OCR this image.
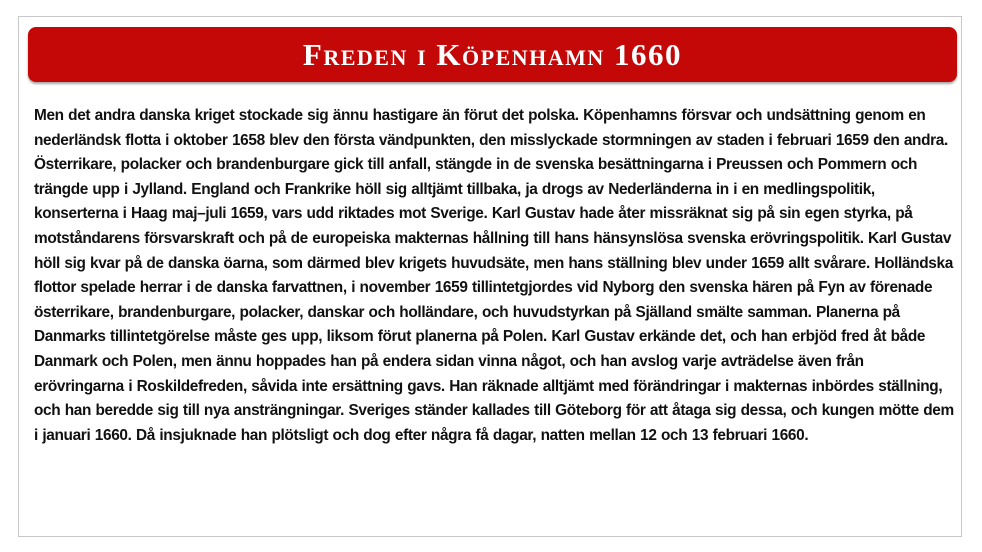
Freden i Köpenhamn 1660

Men det andra danska kriget stockade sig ännu hastigare än förut det polska. Köpenhamns försvar och undsättning genom en nederländsk flotta i oktober 1658 blev den första vändpunkten, den misslyckade stormningen av staden i februari 1659 den andra. Österrikare, polacker och brandenburgare gick till anfall, stängde in de svenska besättningarna i Preussen och Pommern och trängde upp i Jylland. England och Frankrike höll sig alltjämt tillbaka, ja drogs av Nederländerna in i en medlingspolitik, konserterna i Haag maj–juli 1659, vars udd riktades mot Sverige. Karl Gustav hade åter missräknat sig på sin egen styrka, på motståndarens försvarskraft och på de europeiska makternas hållning till hans hänsynslösa svenska erövringspolitik. Karl Gustav höll sig kvar på de danska öarna, som därmed blev krigets huvudsäte, men hans ställning blev under 1659 allt svårare. Holländska flottor spelade herrar i de danska farvattnen, i november 1659 tillintetgjordes vid Nyborg den svenska hären på Fyn av förenade österrikare, brandenburgare, polacker, danskar och holländare, och huvudstyrkan på Själland smälte samman. Planerna på Danmarks tillintetgörelse måste ges upp, liksom förut planerna på Polen. Karl Gustav erkände det, och han erbjöd fred åt både Danmark och Polen, men ännu hoppades han på endera sidan vinna något, och han avslog varje avträdelse även från erövringarna i Roskildefreden, såvida inte ersättning gavs. Han räknade alltjämt med förändringar i makternas inbördes ställning, och han beredde sig till nya ansträngningar. Sveriges ständer kallades till Göteborg för att åtaga sig dessa, och kungen mötte dem i januari 1660. Då insjuknade han plötsligt och dog efter några få dagar, natten mellan 12 och 13 februari 1660.
